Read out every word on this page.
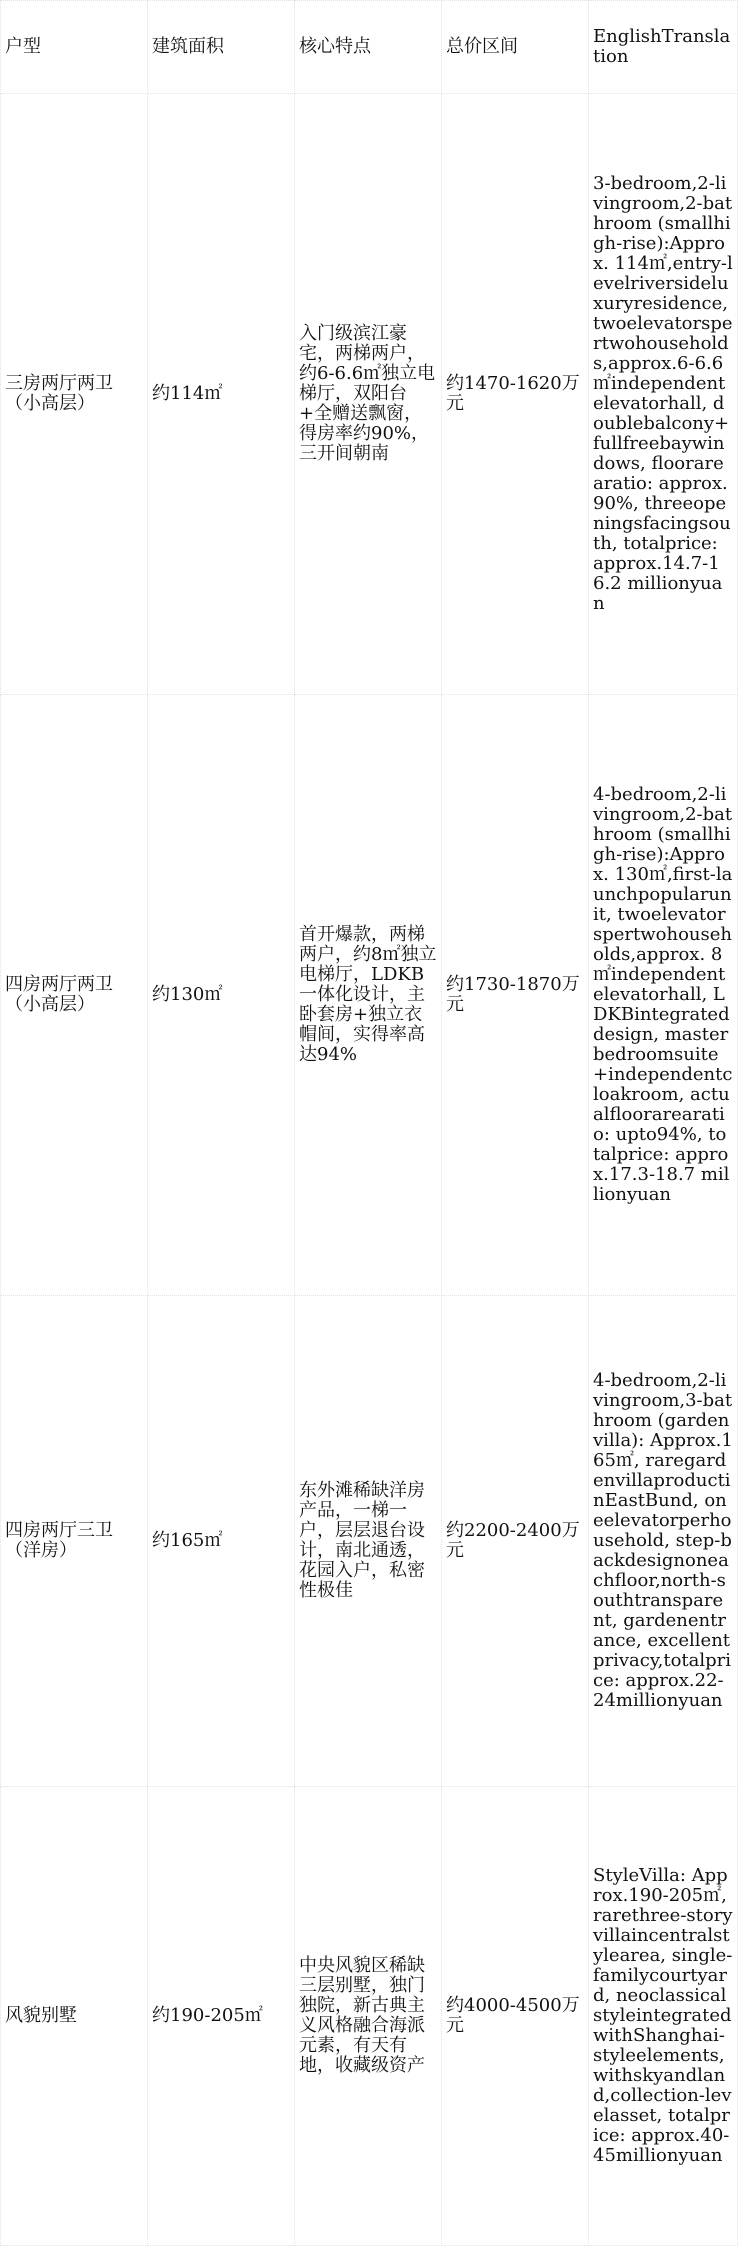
户型	建筑面积	核心特点	总价区间	EnglishTranslation
三房两厅两卫（小高层）	约114㎡	入门级滨江豪宅，两梯两户，约6-6.6㎡独立电梯厅，双阳台+全赠送飘窗，得房率约90%，三开间朝南	约1470-1620万元	3-bedroom,2-livingroom,2-bathroom (smallhigh-rise):Approx. 114㎡,entry-levelriversideluxuryresidence, twoelevatorspertwohouseholds,approx.6-6.6 ㎡independentelevatorhall, doublebalcony+fullfreebaywindows, floorarearatio: approx.90%, threeopeningsfacingsouth, totalprice: approx.14.7-16.2 millionyuan
四房两厅两卫（小高层）	约130㎡	首开爆款，两梯两户，约8㎡独立电梯厅，LDKB一体化设计，主卧套房+独立衣帽间，实得率高达94%	约1730-1870万元	4-bedroom,2-livingroom,2-bathroom (smallhigh-rise):Approx. 130㎡,first-launchpopularunit, twoelevatorspertwohouseholds,approx. 8㎡independentelevatorhall, LDKBintegrateddesign, masterbedroomsuite+independentcloakroom, actualfloorarearatio: upto94%, totalprice: approx.17.3-18.7 millionyuan
四房两厅三卫（洋房）	约165㎡	东外滩稀缺洋房产品，一梯一户，层层退台设计，南北通透，花园入户，私密性极佳	约2200-2400万元	4-bedroom,2-livingroom,3-bathroom (gardenvilla): Approx.165㎡, raregardenvillaproductinEastBund, oneelevatorperhousehold, step-backdesignoneachfloor,north-southtransparent, gardenentrance, excellentprivacy,totalprice: approx.22-24millionyuan
风貌别墅	约190-205㎡	中央风貌区稀缺三层别墅，独门独院，新古典主义风格融合海派元素，有天有地，收藏级资产	约4000-4500万元	StyleVilla: Approx.190-205㎡, rarethree-storyvillaincentralstylearea, single-familycourtyard, neoclassicalstyleintegratedwithShanghai-styleelements, withskyandland,collection-levelasset, totalprice: approx.40-45millionyuan
